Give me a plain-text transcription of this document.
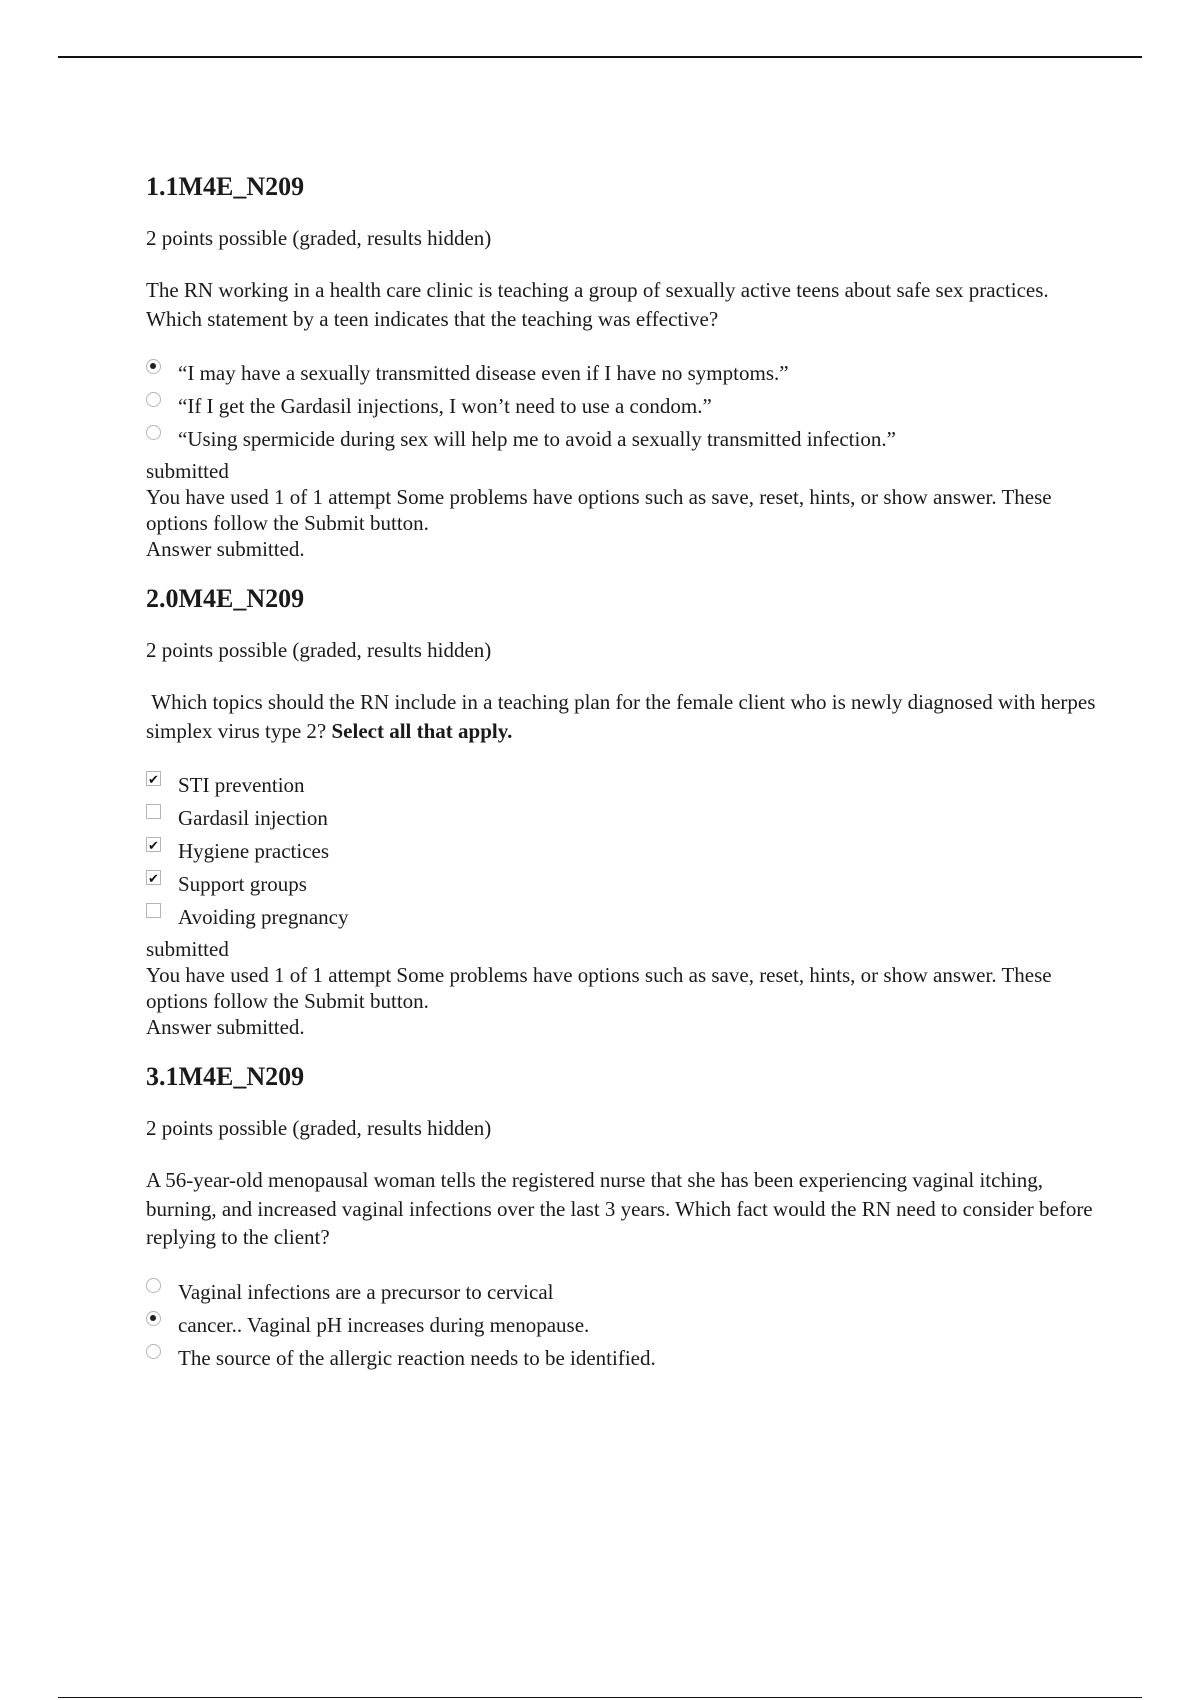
1.1M4E_N209
2 points possible (graded, results hidden)

The RN working in a health care clinic is teaching a group of sexually active teens about safe sex practices. Which statement by a teen indicates that the teaching was effective?

“I may have a sexually transmitted disease even if I have no symptoms.”
“If I get the Gardasil injections, I won’t need to use a condom.”
“Using spermicide during sex will help me to avoid a sexually transmitted infection.”
submitted
You have used 1 of 1 attempt Some problems have options such as save, reset, hints, or show answer. These options follow the Submit button.
Answer submitted.
2.0M4E_N209
2 points possible (graded, results hidden)

Which topics should the RN include in a teaching plan for the female client who is newly diagnosed with herpes simplex virus type 2? Select all that apply.

✔
STI prevention
Gardasil injection
✔
Hygiene practices
✔
Support groups
Avoiding pregnancy
submitted
You have used 1 of 1 attempt Some problems have options such as save, reset, hints, or show answer. These options follow the Submit button.
Answer submitted.
3.1M4E_N209
2 points possible (graded, results hidden)

A 56-year-old menopausal woman tells the registered nurse that she has been experiencing vaginal itching, burning, and increased vaginal infections over the last 3 years. Which fact would the RN need to consider before replying to the client?

Vaginal infections are a precursor to cervical
cancer.. Vaginal pH increases during menopause.
The source of the allergic reaction needs to be identified.
